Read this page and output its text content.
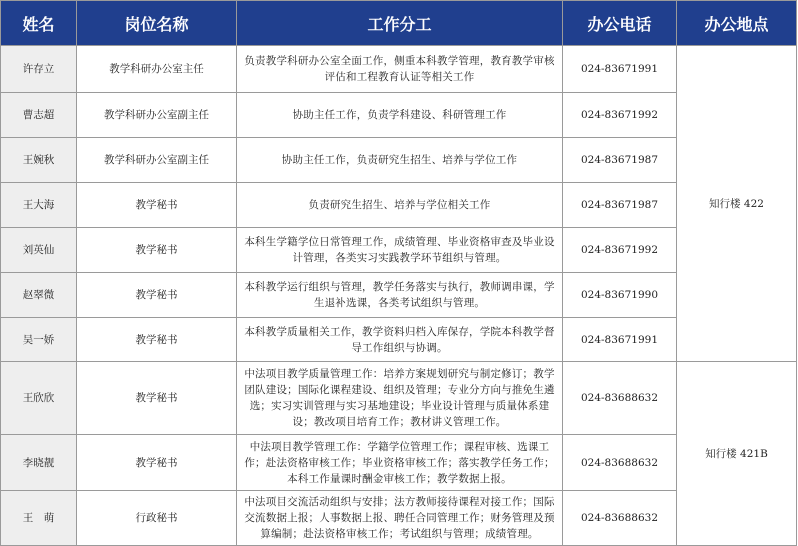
姓名	岗位名称	工作分工	办公电话	办公地点
许存立	教学科研办公室主任	负责教学科研办公室全面工作，侧重本科教学管理，教育教学审核评估和工程教育认证等相关工作	024-83671991	知行楼 422
曹志超	教学科研办公室副主任	协助主任工作，负责学科建设、科研管理工作	024-83671992	
王婉秋	教学科研办公室副主任	协助主任工作，负责研究生招生、培养与学位工作	024-83671987	
王大海	教学秘书	负责研究生招生、培养与学位相关工作	024-83671987	
刘英仙	教学秘书	本科生学籍学位日常管理工作，成绩管理、毕业资格审查及毕业设计管理，各类实习实践教学环节组织与管理。	024-83671992	
赵翠微	教学秘书	本科教学运行组织与管理，教学任务落实与执行，教师调串课，学生退补选课，各类考试组织与管理。	024-83671990	
吴一娇	教学秘书	本科教学质量相关工作，教学资料归档入库保存，学院本科教学督导工作组织与协调。	024-83671991	
王欣欣	教学秘书	中法项目教学质量管理工作：培养方案规划研究与制定修订；教学团队建设；国际化课程建设、组织及管理；专业分方向与推免生遴选；实习实训管理与实习基地建设；毕业设计管理与质量体系建设；教改项目培育工作；教材讲义管理工作。	024-83688632	知行楼 421B
李晓靓	教学秘书	中法项目教学管理工作：学籍学位管理工作；课程审核、选课工作；赴法资格审核工作；毕业资格审核工作；落实教学任务工作；本科工作量课时酬金审核工作；教学数据上报。	024-83688632	
王　萌	行政秘书	中法项目交流活动组织与安排；法方教师接待课程对接工作；国际交流数据上报；人事数据上报、聘任合同管理工作；财务管理及预算编制；赴法资格审核工作；考试组织与管理；成绩管理。	024-83688632	
